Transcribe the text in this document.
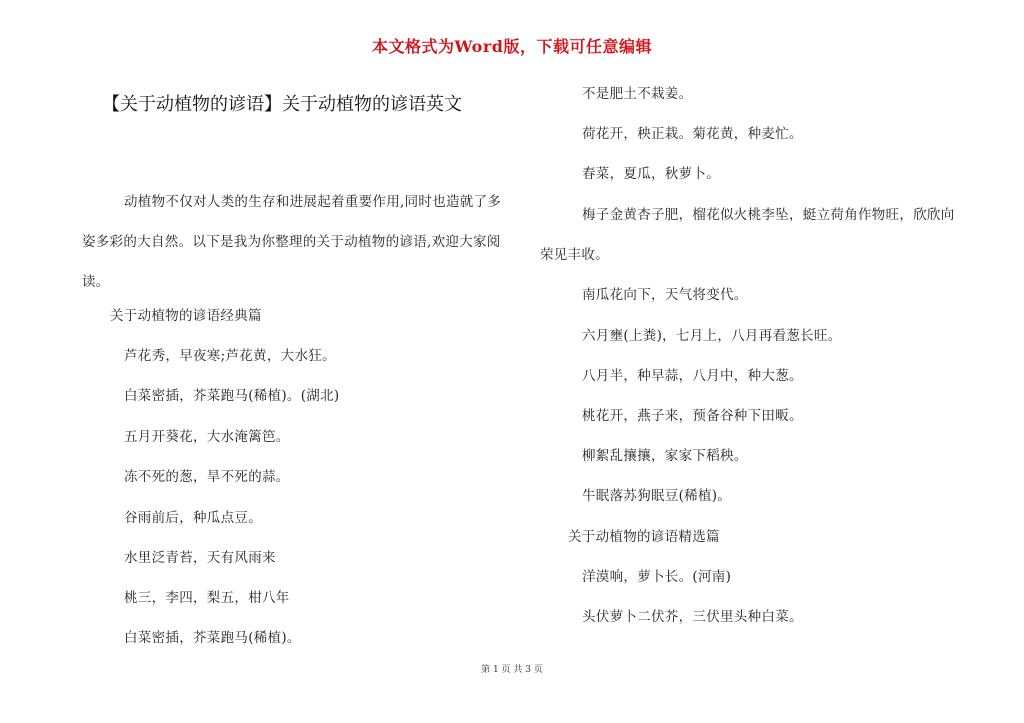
本文格式为Word版，下载可任意编辑
【关于动植物的谚语】关于动植物的谚语英文
动植物不仅对人类的生存和进展起着重要作用,同时也造就了多姿多彩的大自然。以下是我为你整理的关于动植物的谚语,欢迎大家阅读。
关于动植物的谚语经典篇
芦花秀，早夜寒;芦花黄，大水狂。
白菜密插，芥菜跑马(稀植)。(湖北)
五月开葵花，大水淹篱笆。
冻不死的葱，旱不死的蒜。
谷雨前后，种瓜点豆。
水里泛青苔，天有风雨来
桃三，李四，梨五，柑八年
白菜密插，芥菜跑马(稀植)。
不是肥土不栽姜。
荷花开，秧正栽。菊花黄，种麦忙。
春菜，夏瓜，秋萝卜。
梅子金黄杏子肥，榴花似火桃李坠，蜓立荷角作物旺，欣欣向
荣见丰收。
南瓜花向下，天气将变代。
六月壅(上粪)，七月上，八月再看葱长旺。
八月半，种早蒜，八月中，种大葱。
桃花开，燕子来，预备谷种下田畈。
柳絮乱攘攘，家家下稻秧。
牛眠落苏狗眠豆(稀植)。
关于动植物的谚语精选篇
洋漠响，萝卜长。(河南)
头伏萝卜二伏芥，三伏里头种白菜。
第 1 页 共 3 页
